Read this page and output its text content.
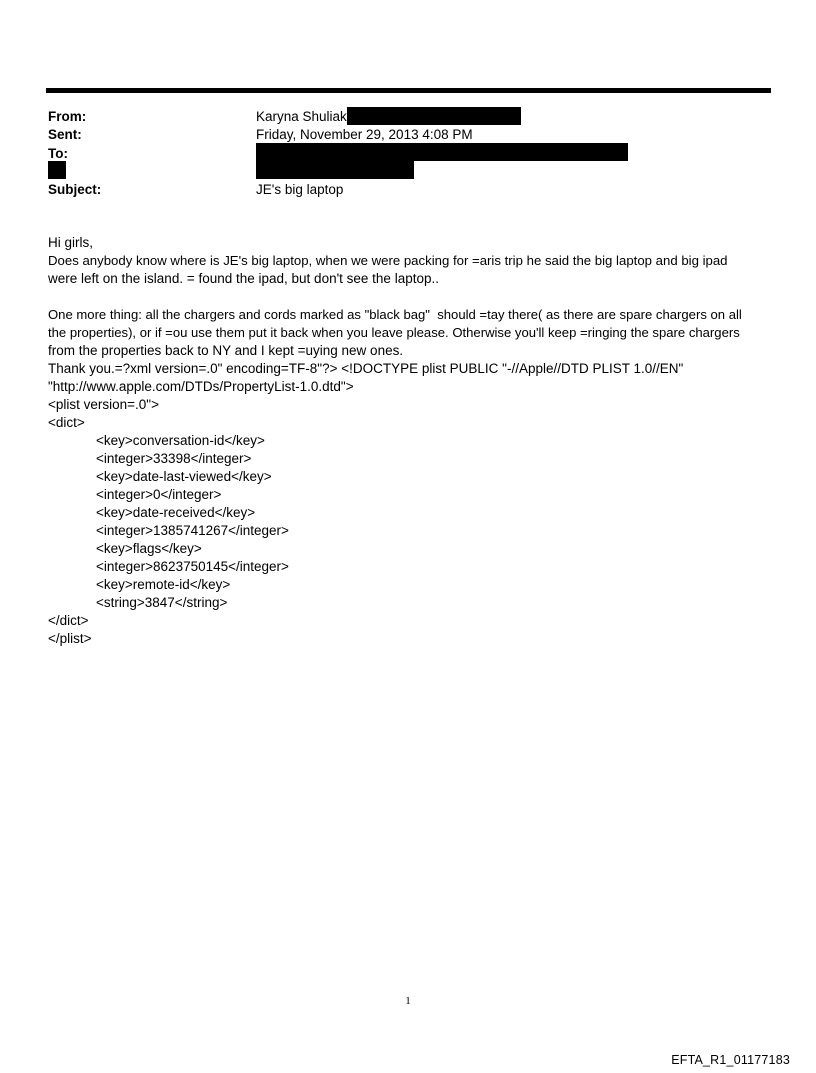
From:	Karyna Shuliak
Sent:	Friday, November 29, 2013 4:08 PM
To:
Subject:	JE's big laptop
Hi girls,
Does anybody know where is JE's big laptop, when we were packing for =aris trip he said the big laptop and big ipad
were left on the island. = found the ipad, but don't see the laptop..
One more thing: all the chargers and cords marked as "black bag"  should =tay there( as there are spare chargers on all
the properties), or if =ou use them put it back when you leave please. Otherwise you'll keep =ringing the spare chargers
from the properties back to NY and I kept =uying new ones.
Thank you.=?xml version=.0" encoding=TF-8"?> <!DOCTYPE plist PUBLIC "-//Apple//DTD PLIST 1.0//EN"
"http://www.apple.com/DTDs/PropertyList-1.0.dtd">
<plist version=.0">
<dict>
<key>conversation-id</key>
<integer>33398</integer>
<key>date-last-viewed</key>
<integer>0</integer>
<key>date-received</key>
<integer>1385741267</integer>
<key>flags</key>
<integer>8623750145</integer>
<key>remote-id</key>
<string>3847</string>
</dict>
</plist>
1
EFTA_R1_01177183
